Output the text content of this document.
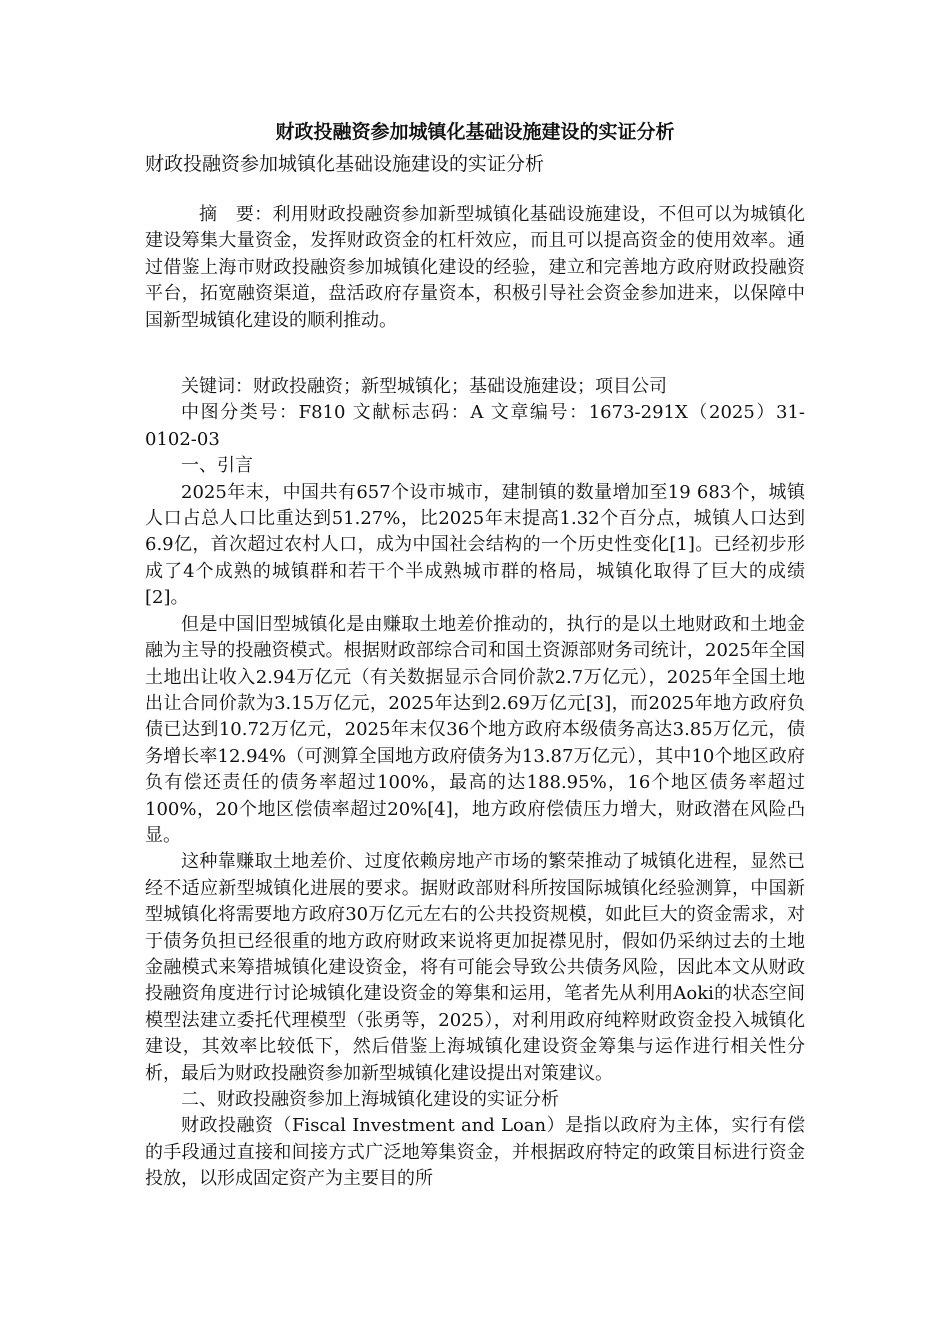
财政投融资参加城镇化基础设施建设的实证分析

财政投融资参加城镇化基础设施建设的实证分析

摘　要：利用财政投融资参加新型城镇化基础设施建设，不但可以为城镇化建设筹集大量资金，发挥财政资金的杠杆效应，而且可以提高资金的使用效率。通过借鉴上海市财政投融资参加城镇化建设的经验，建立和完善地方政府财政投融资平台，拓宽融资渠道，盘活政府存量资本，积极引导社会资金参加进来，以保障中国新型城镇化建设的顺利推动。

关键词：财政投融资；新型城镇化；基础设施建设；项目公司

中图分类号：F810 文献标志码：A 文章编号：1673-291X（2025）31-0102-03

一、引言

2025年末，中国共有657个设市城市，建制镇的数量增加至19 683个，城镇人口占总人口比重达到51.27%，比2025年末提高1.32个百分点，城镇人口达到6.9亿，首次超过农村人口，成为中国社会结构的一个历史性变化[1]。已经初步形成了4个成熟的城镇群和若干个半成熟城市群的格局，城镇化取得了巨大的成绩[2]。

但是中国旧型城镇化是由赚取土地差价推动的，执行的是以土地财政和土地金融为主导的投融资模式。根据财政部综合司和国土资源部财务司统计，2025年全国土地出让收入2.94万亿元（有关数据显示合同价款2.7万亿元），2025年全国土地出让合同价款为3.15万亿元，2025年达到2.69万亿元[3]，而2025年地方政府负债已达到10.72万亿元，2025年末仅36个地方政府本级债务高达3.85万亿元，债务增长率12.94%（可测算全国地方政府债务为13.87万亿元），其中10个地区政府负有偿还责任的债务率超过100%，最高的达188.95%，16个地区债务率超过100%，20个地区偿债率超过20%[4]，地方政府偿债压力增大，财政潜在风险凸显。

这种靠赚取土地差价、过度依赖房地产市场的繁荣推动了城镇化进程，显然已经不适应新型城镇化进展的要求。据财政部财科所按国际城镇化经验测算，中国新型城镇化将需要地方政府30万亿元左右的公共投资规模，如此巨大的资金需求，对于债务负担已经很重的地方政府财政来说将更加捉襟见肘，假如仍采纳过去的土地金融模式来筹措城镇化建设资金，将有可能会导致公共债务风险，因此本文从财政投融资角度进行讨论城镇化建设资金的筹集和运用，笔者先从利用Aoki的状态空间模型法建立委托代理模型（张勇等，2025），对利用政府纯粹财政资金投入城镇化建设，其效率比较低下，然后借鉴上海城镇化建设资金筹集与运作进行相关性分析，最后为财政投融资参加新型城镇化建设提出对策建议。

二、财政投融资参加上海城镇化建设的实证分析

财政投融资（Fiscal Investment and Loan）是指以政府为主体，实行有偿的手段通过直接和间接方式广泛地筹集资金，并根据政府特定的政策目标进行资金投放，以形成固定资产为主要目的所
